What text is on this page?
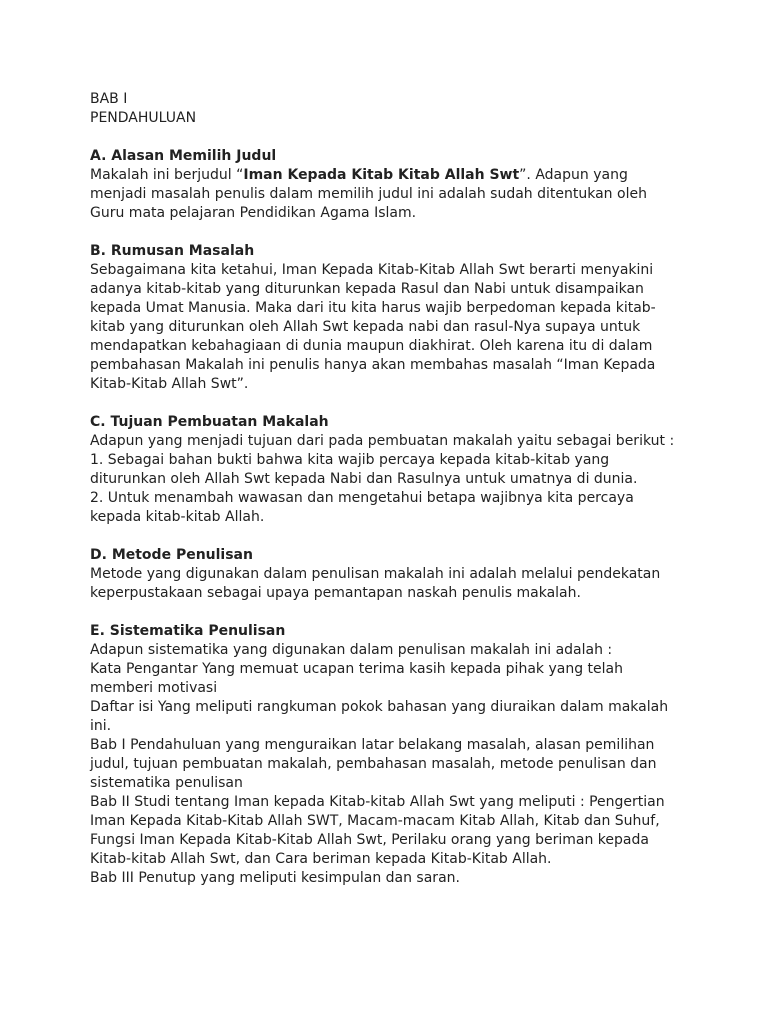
BAB I
PENDAHULUAN
A. Alasan Memilih Judul
Makalah ini berjudul “Iman Kepada Kitab Kitab Allah Swt”. Adapun yang
menjadi masalah penulis dalam memilih judul ini adalah sudah ditentukan oleh
Guru mata pelajaran Pendidikan Agama Islam.
B. Rumusan Masalah
Sebagaimana kita ketahui, Iman Kepada Kitab-Kitab Allah Swt berarti menyakini
adanya kitab-kitab yang diturunkan kepada Rasul dan Nabi untuk disampaikan
kepada Umat Manusia. Maka dari itu kita harus wajib berpedoman kepada kitab-
kitab yang diturunkan oleh Allah Swt kepada nabi dan rasul-Nya supaya untuk
mendapatkan kebahagiaan di dunia maupun diakhirat. Oleh karena itu di dalam
pembahasan Makalah ini penulis hanya akan membahas masalah “Iman Kepada
Kitab-Kitab Allah Swt”.
C. Tujuan Pembuatan Makalah
Adapun yang menjadi tujuan dari pada pembuatan makalah yaitu sebagai berikut :
1. Sebagai bahan bukti bahwa kita wajib percaya kepada kitab-kitab yang
diturunkan oleh Allah Swt kepada Nabi dan Rasulnya untuk umatnya di dunia.
2. Untuk menambah wawasan dan mengetahui betapa wajibnya kita percaya
kepada kitab-kitab Allah.
D. Metode Penulisan
Metode yang digunakan dalam penulisan makalah ini adalah melalui pendekatan
keperpustakaan sebagai upaya pemantapan naskah penulis makalah.
E. Sistematika Penulisan
Adapun sistematika yang digunakan dalam penulisan makalah ini adalah :
Kata Pengantar Yang memuat ucapan terima kasih kepada pihak yang telah
memberi motivasi
Daftar isi Yang meliputi rangkuman pokok bahasan yang diuraikan dalam makalah
ini.
Bab I Pendahuluan yang menguraikan latar belakang masalah, alasan pemilihan
judul, tujuan pembuatan makalah, pembahasan masalah, metode penulisan dan
sistematika penulisan
Bab II Studi tentang Iman kepada Kitab-kitab Allah Swt yang meliputi : Pengertian
Iman Kepada Kitab-Kitab Allah SWT, Macam-macam Kitab Allah, Kitab dan Suhuf,
Fungsi Iman Kepada Kitab-Kitab Allah Swt, Perilaku orang yang beriman kepada
Kitab-kitab Allah Swt, dan Cara beriman kepada Kitab-Kitab Allah.
Bab III Penutup yang meliputi kesimpulan dan saran.
